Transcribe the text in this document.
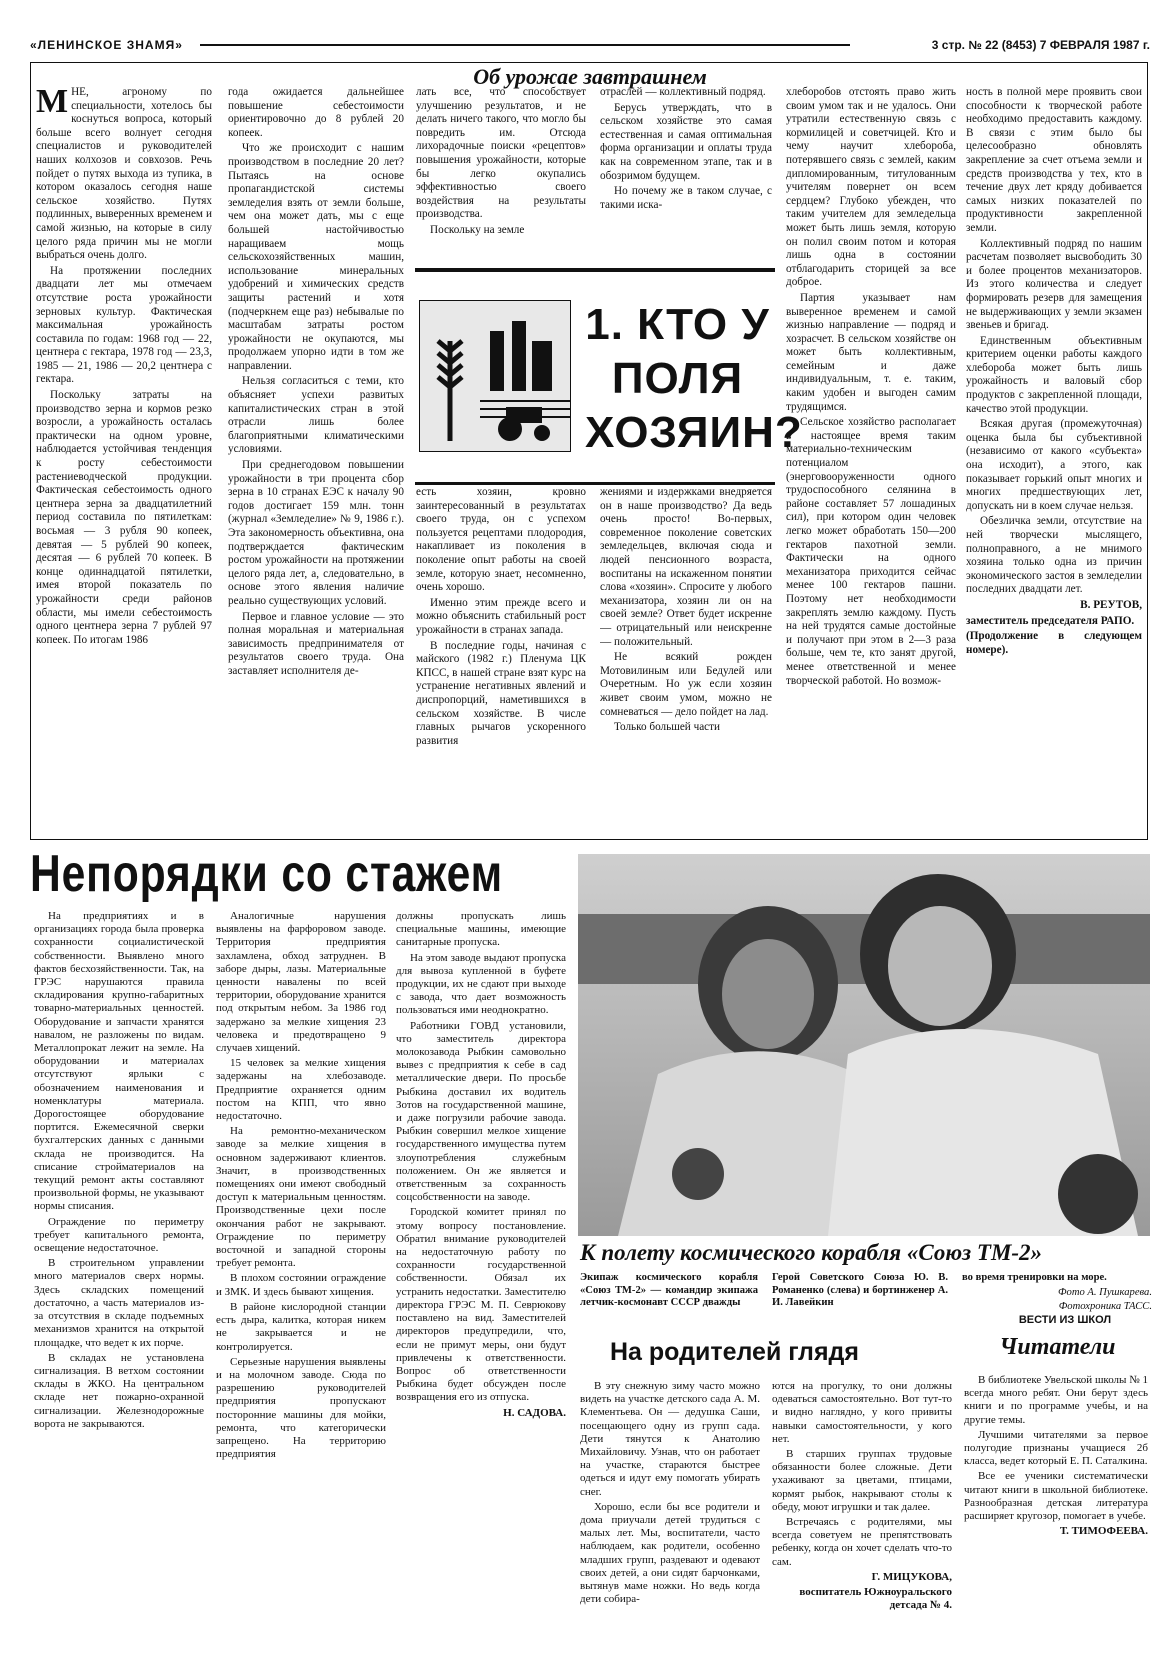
«ЛЕНИНСКОЕ ЗНАМЯ»	3 стр. № 22 (8453) 7 ФЕВРАЛЯ 1987 г.
Об урожае завтрашнем

МНЕ, агроному по специальности, хотелось бы коснуться вопроса, который больше всего волнует сегодня специалистов и руководителей наших колхозов и совхозов. Речь пойдет о путях выхода из тупика, в котором оказалось сегодня наше сельское хозяйство. Путях подлинных, выверенных временем и самой жизнью, на которые в силу целого ряда причин мы не могли выбраться очень долго.

На протяжении последних двадцати лет мы отмечаем отсутствие роста урожайности зерновых культур. Фактическая максимальная урожайность составила по годам: 1968 год — 22, центнера с гектара, 1978 год — 23,3, 1985 — 21, 1986 — 20,2 центнера с гектара.

Поскольку затраты на производство зерна и кормов резко возросли, а урожайность осталась практически на одном уровне, наблюдается устойчивая тенденция к росту себестоимости растениеводческой продукции. Фактическая себестоимость одного центнера зерна за двадцатилетний период составила по пятилеткам: восьмая — 3 рубля 90 копеек, девятая — 5 рублей 90 копеек, десятая — 6 рублей 70 копеек. В конце одиннадцатой пятилетки, имея второй показатель по урожайности среди районов области, мы имели себестоимость одного центнера зерна 7 рублей 97 копеек. По итогам 1986

года ожидается дальнейшее повышение себестоимости ориентировочно до 8 рублей 20 копеек.

Что же происходит с нашим производством в последние 20 лет? Пытаясь на основе пропагандистской системы земледелия взять от земли больше, чем она может дать, мы с еще большей настойчивостью наращиваем мощь сельскохозяйственных машин, использование минеральных удобрений и химических средств защиты растений и хотя (подчеркнем еще раз) небывалые по масштабам затраты ростом урожайности не окупаются, мы продолжаем упорно идти в том же направлении.

Нельзя согласиться с теми, кто объясняет успехи развитых капиталистических стран в этой отрасли лишь более благоприятными климатическими условиями.

При среднегодовом повышении урожайности в три процента сбор зерна в 10 странах ЕЭС к началу 90 годов достигает 159 млн. тонн (журнал «Земледелие» № 9, 1986 г.). Эта закономерность объективна, она подтверждается фактическим ростом урожайности на протяжении целого ряда лет, а, следовательно, в основе этого явления наличие реально существующих условий.

Первое и главное условие — это полная моральная и материальная зависимость предпринимателя от результатов своего труда. Она заставляет исполнителя де-

лать все, что способствует улучшению результатов, и не делать ничего такого, что могло бы повредить им. Отсюда лихорадочные поиски «рецептов» повышения урожайности, которые бы легко окупались эффективностью своего воздействия на результаты производства.

Поскольку на земле

отраслей — коллективный подряд.

Берусь утверждать, что в сельском хозяйстве это самая естественная и самая оптимальная форма организации и оплаты труда как на современном этапе, так и в обозримом будущем.

Но почему же в таком случае, с такими иска-

1. КТО У ПОЛЯ ХОЗЯИН?

есть хозяин, кровно заинтересованный в результатах своего труда, он с успехом пользуется рецептами плодородия, накапливает из поколения в поколение опыт работы на своей земле, которую знает, несомненно, очень хорошо.

Именно этим прежде всего и можно объяснить стабильный рост урожайности в странах запада.

В последние годы, начиная с майского (1982 г.) Пленума ЦК КПСС, в нашей стране взят курс на устранение негативных явлений и диспропорций, наметившихся в сельском хозяйстве. В числе главных рычагов ускоренного развития

жениями и издержками внедряется он в наше производство? Да ведь очень просто! Во-первых, современное поколение советских земледельцев, включая сюда и людей пенсионного возраста, воспитаны на искаженном понятии слова «хозяин». Спросите у любого механизатора, хозяин ли он на своей земле? Ответ будет искренне — отрицательный или неискренне — положительный.

Не всякий рожден Мотовилиным или Бедулей или Очеретным. Но уж если хозяин живет своим умом, можно не сомневаться — дело пойдет на лад.

Только большей части

хлеборобов отстоять право жить своим умом так и не удалось. Они утратили естественную связь с кормилицей и советчицей. Кто и чему научит хлебороба, потерявшего связь с землей, каким дипломированным, титулованным учителям повернет он всем сердцем? Глубоко убежден, что таким учителем для земледельца может быть лишь земля, которую он полил своим потом и которая лишь одна в состоянии отблагодарить сторицей за все доброе.

Партия указывает нам выверенное временем и самой жизнью направление — подряд и хозрасчет. В сельском хозяйстве он может быть коллективным, семейным и даже индивидуальным, т. е. таким, каким удобен и выгоден самим трудящимся.

Сельское хозяйство располагает в настоящее время таким материально-техническим потенциалом (энерговооруженности одного трудоспособного селянина в районе составляет 57 лошадиных сил), при котором один человек легко может обработать 150—200 гектаров пахотной земли. Фактически на одного механизатора приходится сейчас менее 100 гектаров пашни. Поэтому нет необходимости закреплять землю каждому. Пусть на ней трудятся самые достойные и получают при этом в 2—3 раза больше, чем те, кто занят другой, менее ответственной и менее творческой работой. Но возмож-

ность в полной мере проявить свои способности к творческой работе необходимо предоставить каждому. В связи с этим было бы целесообразно обновлять закрепление за счет отъема земли и средств производства у тех, кто в течение двух лет кряду добивается самых низких показателей по продуктивности закрепленной земли.

Коллективный подряд по нашим расчетам позволяет высвободить 30 и более процентов механизаторов. Из этого количества и следует формировать резерв для замещения не выдерживающих у земли экзамен звеньев и бригад.

Единственным объективным критерием оценки работы каждого хлебороба может быть лишь урожайность и валовый сбор продуктов с закрепленной площади, качество этой продукции.

Всякая другая (промежуточная) оценка была бы субъективной (независимо от какого «субъекта» она исходит), а этого, как показывает горький опыт многих и многих предшествующих лет, допускать ни в коем случае нельзя.

Обезличка земли, отсутствие на ней творчески мыслящего, полноправного, а не мнимого хозяина только одна из причин экономического застоя в земледелии последних двадцати лет.

В. РЕУТОВ,

заместитель председателя РАПО.

(Продолжение в следующем номере).

Непорядки со стажем

На предприятиях и в организациях города была проверка сохранности социалистической собственности. Выявлено много фактов бесхозяйственности. Так, на ГРЭС нарушаются правила складирования крупно-габаритных товарно-материальных ценностей. Оборудование и запчасти хранятся навалом, не разложены по видам. Металлопрокат лежит на земле. На оборудовании и материалах отсутствуют ярлыки с обозначением наименования и номенклатуры материала. Дорогостоящее оборудование портится. Ежемесячной сверки бухгалтерских данных с данными склада не производится. На списание стройматериалов на текущий ремонт акты составляют произвольной формы, не указывают нормы списания.

Ограждение по периметру требует капитального ремонта, освещение недостаточное.

В строительном управлении много материалов сверх нормы. Здесь складских помещений достаточно, а часть материалов из-за отсутствия в складе подъемных механизмов хранится на открытой площадке, что ведет к их порче.

В складах не установлена сигнализация. В ветхом состоянии склады в ЖКО. На центральном складе нет пожарно-охранной сигнализации. Железнодорожные ворота не закрываются.

Аналогичные нарушения выявлены на фарфоровом заводе. Территория предприятия захламлена, обход затруднен. В заборе дыры, лазы. Материальные ценности навалены по всей территории, оборудование хранится под открытым небом. За 1986 год задержано за мелкие хищения 23 человека и предотвращено 9 случаев хищений.

15 человек за мелкие хищения задержаны на хлебозаводе. Предприятие охраняется одним постом на КПП, что явно недостаточно.

На ремонтно-механическом заводе за мелкие хищения в основном задерживают клиентов. Значит, в производственных помещениях они имеют свободный доступ к материальным ценностям. Производственные цехи после окончания работ не закрывают. Ограждение по периметру восточной и западной стороны требует ремонта.

В плохом состоянии ограждение и ЗМК. И здесь бывают хищения.

В районе кислородной станции есть дыра, калитка, которая никем не закрывается и не контролируется.

Серьезные нарушения выявлены и на молочном заводе. Сюда по разрешению руководителей предприятия пропускают посторонние машины для мойки, ремонта, что категорически запрещено. На территорию предприятия

должны пропускать лишь специальные машины, имеющие санитарные пропуска.

На этом заводе выдают пропуска для вывоза купленной в буфете продукции, их не сдают при выходе с завода, что дает возможность пользоваться ими неоднократно.

Работники ГОВД установили, что заместитель директора молокозавода Рыбкин самовольно вывез с предприятия к себе в сад металлические двери. По просьбе Рыбкина доставил их водитель Зотов на государственной машине, и даже погрузили рабочие завода. Рыбкин совершил мелкое хищение государственного имущества путем злоупотребления служебным положением. Он же является и ответственным за сохранность соцсобственности на заводе.

Городской комитет принял по этому вопросу постановление. Обратил внимание руководителей на недостаточную работу по сохранности государственной собственности. Обязал их устранить недостатки. Заместителю директора ГРЭС М. П. Севрюкову поставлено на вид. Заместителей директоров предупредили, что, если не примут меры, они будут привлечены к ответственности. Вопрос об ответственности Рыбкина будет обсужден после возвращения его из отпуска.

Н. САДОВА.

К полету космического корабля «Союз ТМ-2»

Экипаж космического корабля «Союз ТМ-2» — командир экипажа летчик-космонавт СССР дважды

Герой Советского Союза Ю. В. Романенко (слева) и бортинженер А. И. Лавейкин

во время тренировки на море.

Фото А. Пушкарева.

Фотохроника ТАСС.

На родителей глядя

В эту снежную зиму часто можно видеть на участке детского сада А. М. Клементьева. Он — дедушка Саши, посещающего одну из групп сада. Дети тянутся к Анатолию Михайловичу. Узнав, что он работает на участке, стараются быстрее одеться и идут ему помогать убирать снег.

Хорошо, если бы все родители и дома приучали детей трудиться с малых лет. Мы, воспитатели, часто наблюдаем, как родители, особенно младших групп, раздевают и одевают своих детей, а они сидят барчонками, вытянув маме ножки. Но ведь когда дети собира-

ются на прогулку, то они должны одеваться самостоятельно. Вот тут-то и видно наглядно, у кого привиты навыки самостоятельности, у кого нет.

В старших группах трудовые обязанности более сложные. Дети ухаживают за цветами, птицами, кормят рыбок, накрывают столы к обеду, моют игрушки и так далее.

Встречаясь с родителями, мы всегда советуем не препятствовать ребенку, когда он хочет сделать что-то сам.

Г. МИЦУКОВА,

воспитатель Южноуральского детсада № 4.

ВЕСТИ ИЗ ШКОЛ
Читатели

В библиотеке Увельской школы № 1 всегда много ребят. Они берут здесь книги и по программе учебы, и на другие темы.

Лучшими читателями за первое полугодие признаны учащиеся 2б класса, ведет который Е. П. Саталкина.

Все ее ученики систематически читают книги в школьной библиотеке. Разнообразная детская литература расширяет кругозор, помогает в учебе.

Т. ТИМОФЕЕВА.
